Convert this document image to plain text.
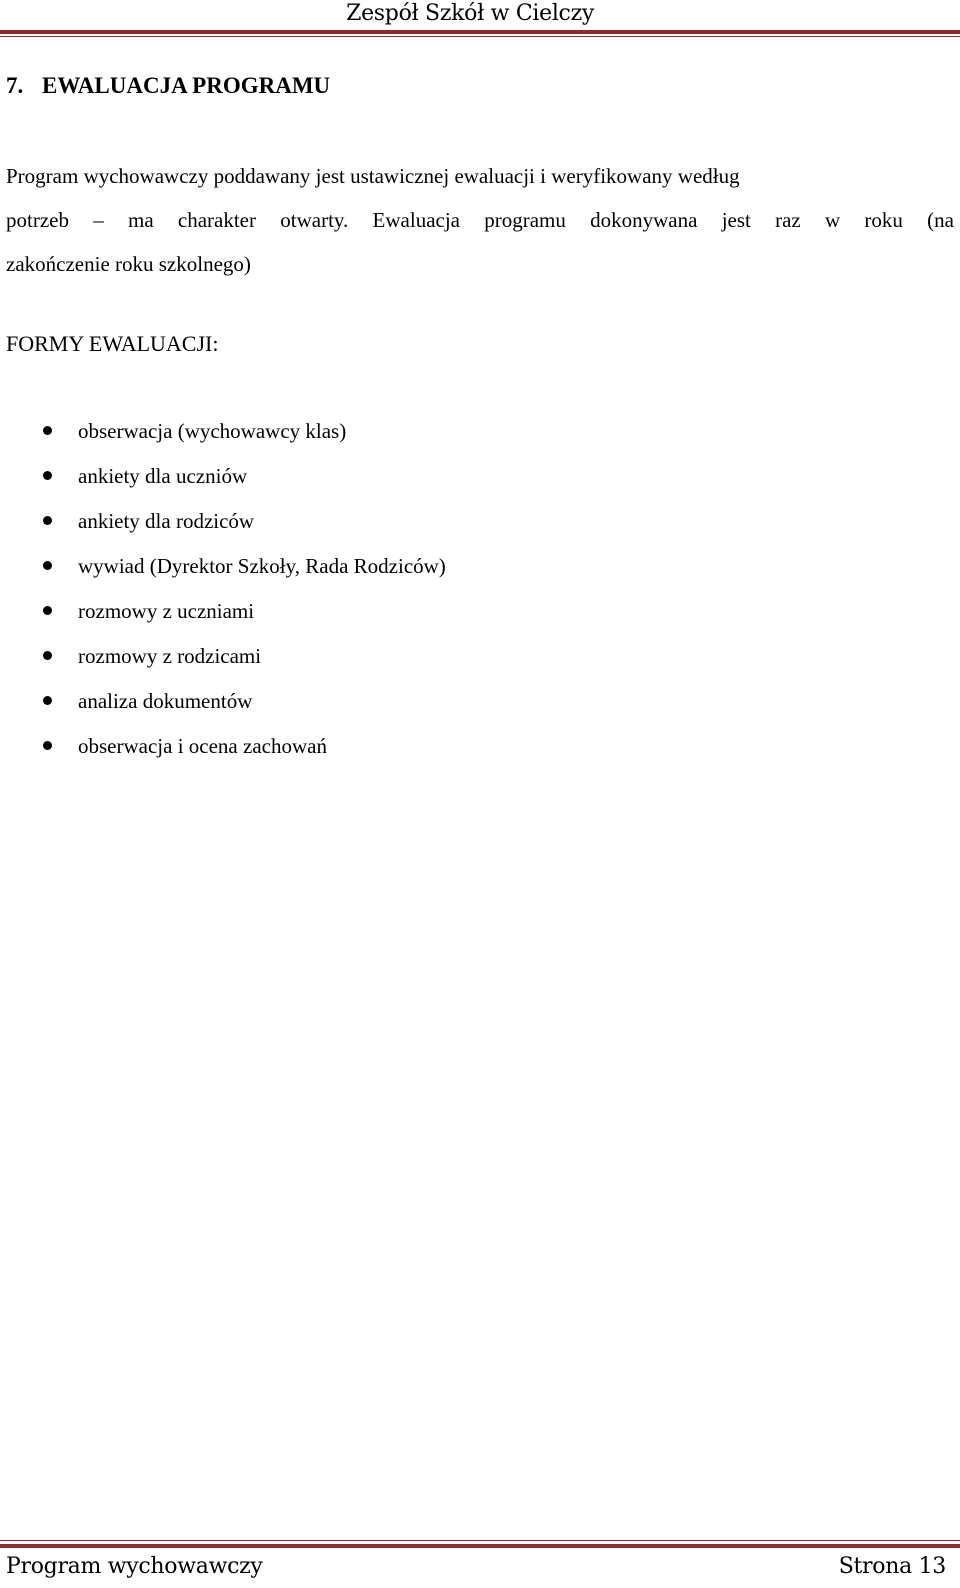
Zespół Szkół w Cielczy
7. EWALUACJA PROGRAMU
Program wychowawczy poddawany jest ustawicznej ewaluacji i weryfikowany według
potrzeb – ma charakter otwarty. Ewaluacja programu dokonywana jest raz w roku (na
zakończenie roku szkolnego)
FORMY EWALUACJI:
obserwacja (wychowawcy klas)
ankiety dla uczniów
ankiety dla rodziców
wywiad (Dyrektor Szkoły, Rada Rodziców)
rozmowy z uczniami
rozmowy z rodzicami
analiza dokumentów
obserwacja i ocena zachowań
Program wychowawczy	Strona 13
